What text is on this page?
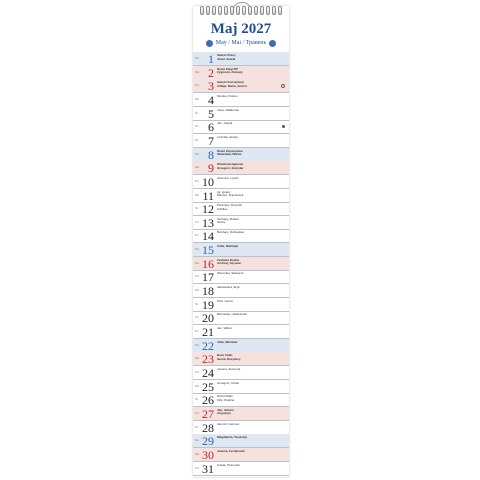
Maj 2027
May / Mai / Травень
So. 1 Święto Pracy
Józef, Aniela
Nd. 2 Dzień Flagi RP
Zygmunt, Atanazy
Pn. 3 Święto Konstytucji
3 Maja, Maria, Antoni
Wt. 4 Monika, Florian
Śr. 5 Irena, Waldemar
Cz. 6 Jan, Judyta
Pt. 7 Ludmiła, Gizela
So. 8 Dzień Zwycięstwa
Stanisław, Wiktor
Nd. 9 Wniebowstąpienie
Grzegorz, Bożydar
Pn. 10 Antonina, Izydor
Wt. 11 Igi, Ignacy
Mamert, Franciszek
Śr. 12 Pankracy, Dominik
Achilles
Cz. 13 Serwacy, Robert
Gloria
Pt. 14 Bonifacy, Dobiesław
So. 15 Zofia, Nadzieja
Nd. 16 Zesłanie Ducha
Andrzej, Szymon
Pn. 17 Weronika, Sławomir
Wt. 18 Aleksandra, Eryk
Śr. 19 Piotr, Iwona
Cz. 20 Bernardyn, Aleksander
Pt. 21 Jan, Wiktor
So. 22 Julia, Wiesław
Nd. 23 Boże Ciało
Iwona, Dezydery
Pn. 24 Joanna, Zuzanna
Wt. 25 Grzegorz, Urban
Śr. 26 Dzień Matki
Filip, Paulina
Cz. 27 Jan, Juliusz
Augustyn
Pt. 28 Jaromir, German
So. 29 Magdalena, Teodozja
Nd. 30 Joanna, Ferdynand
Pn. 31 Aniela, Petronela
